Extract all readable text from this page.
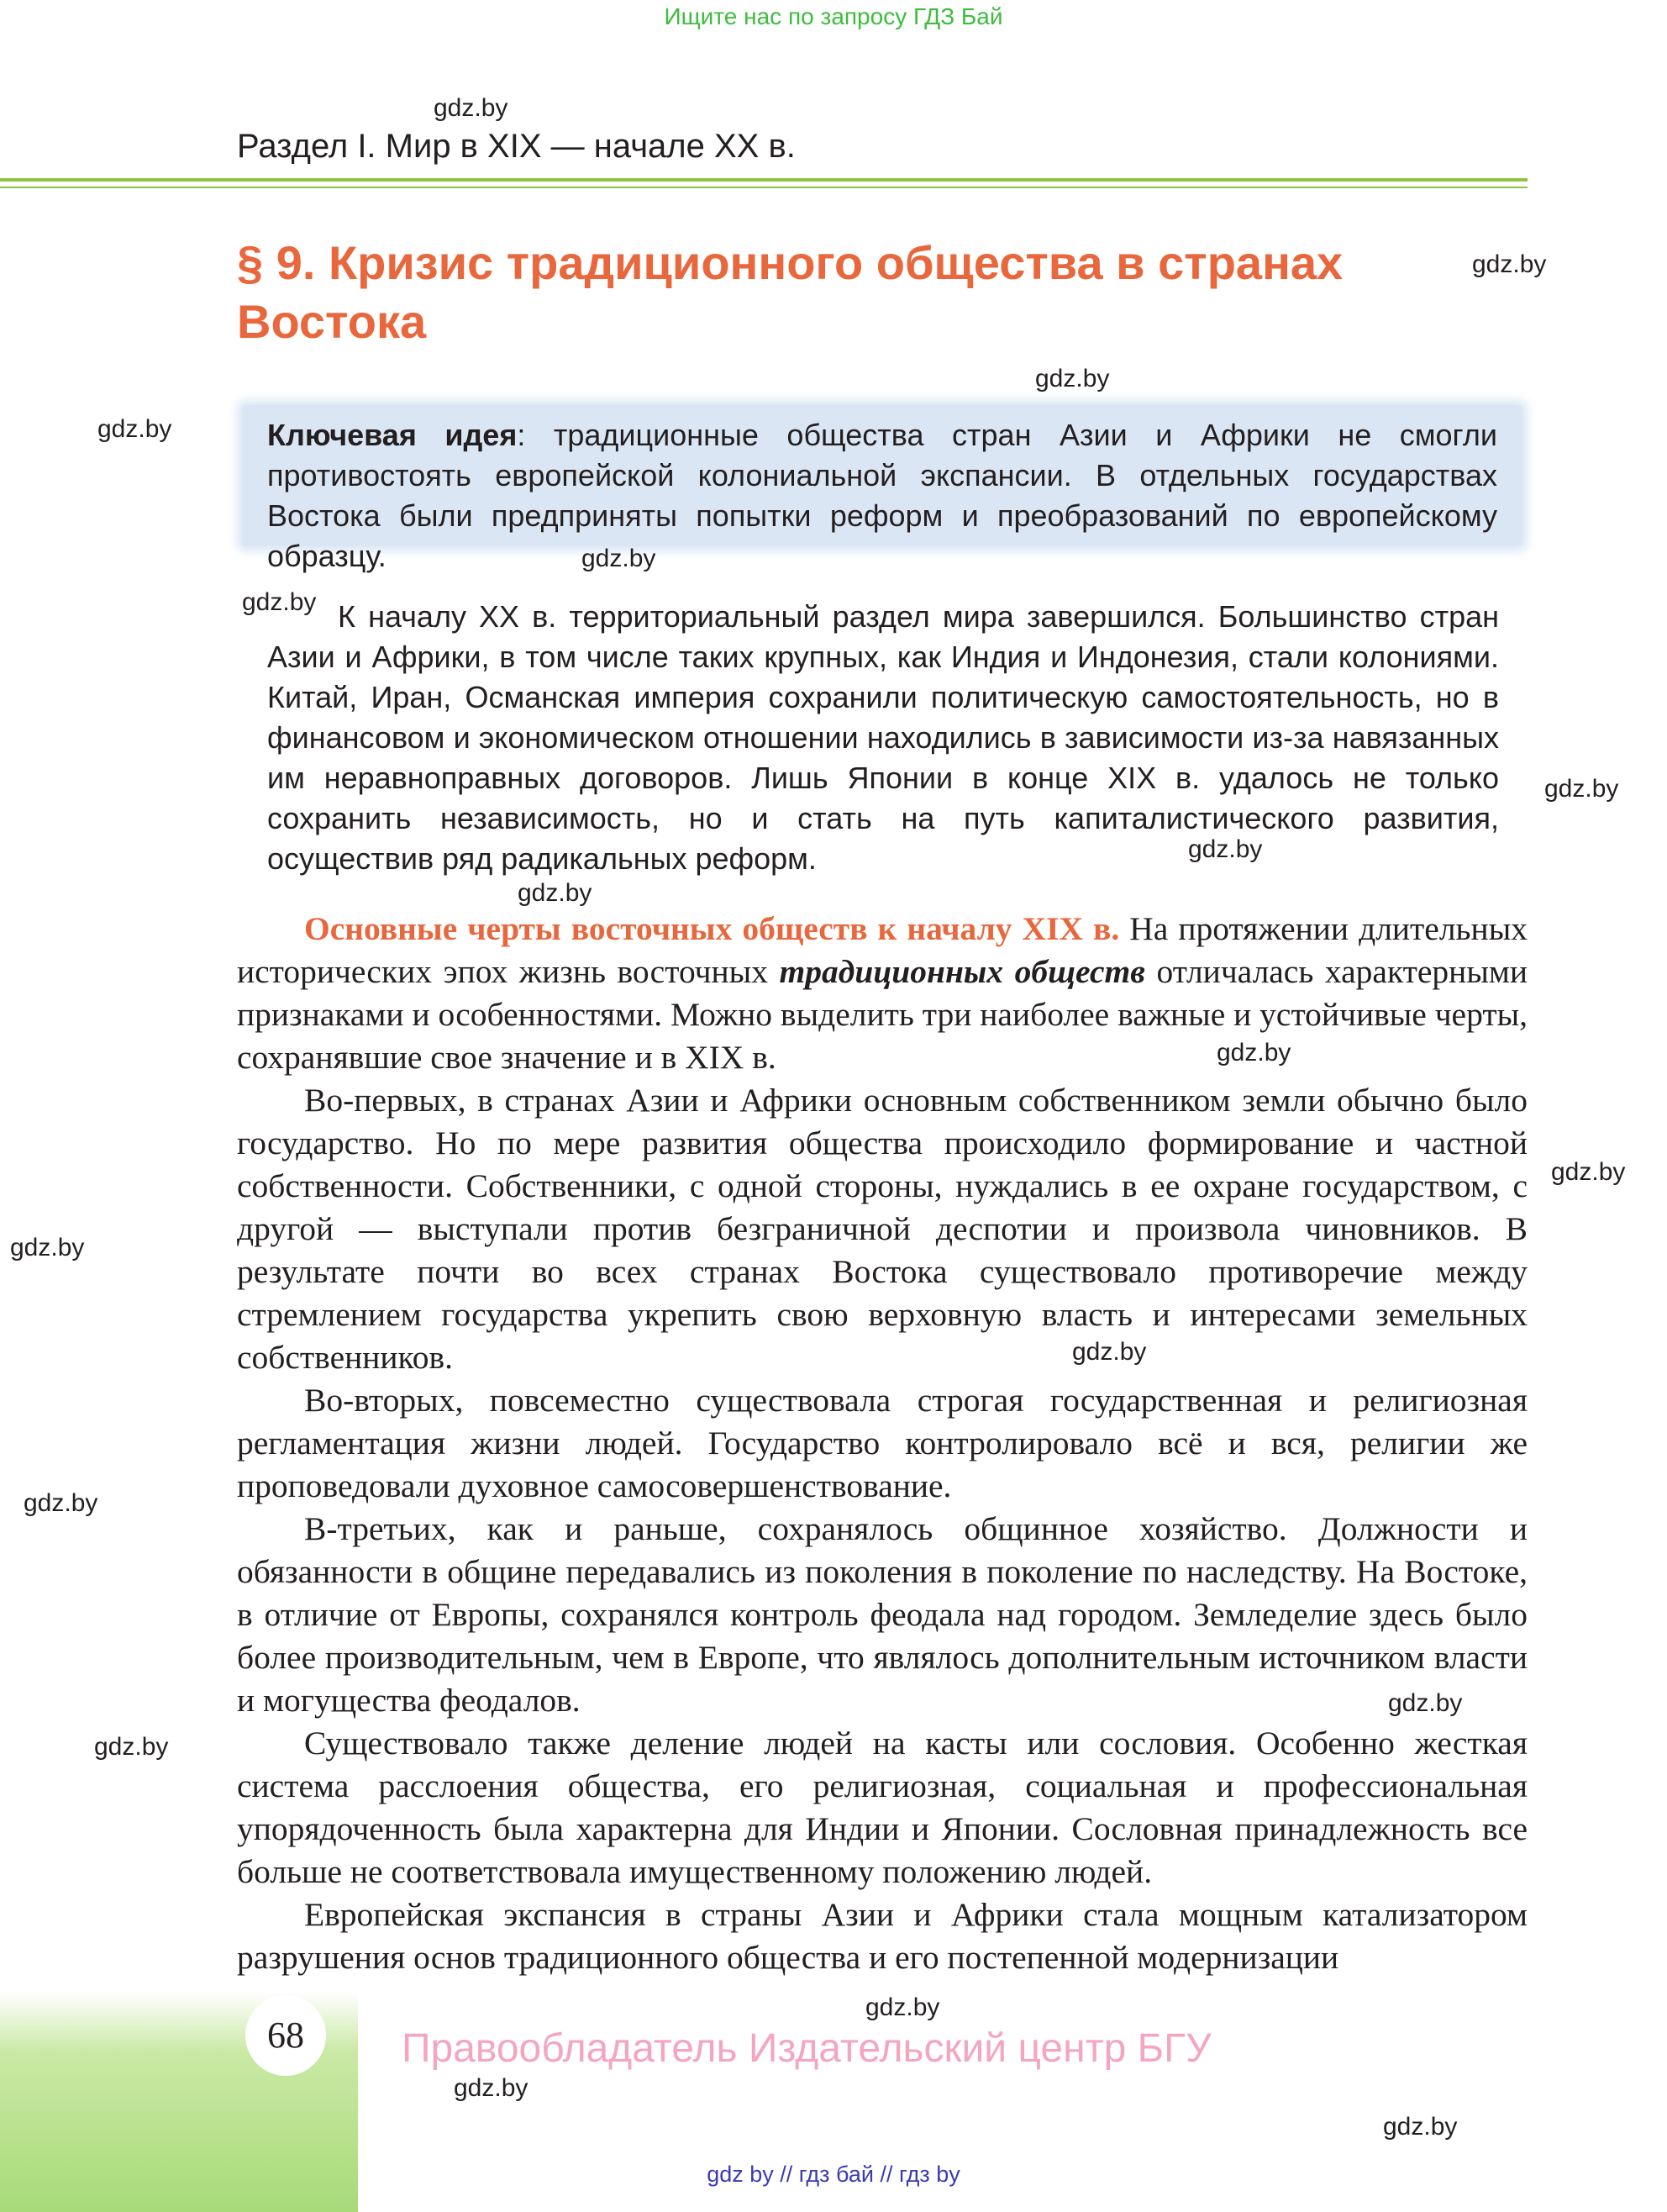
Ищите нас по запросу ГДЗ Бай
Раздел I. Мир в XIX — начале XX в.
§ 9. Кризис традиционного общества в странах Востока
Ключевая идея: традиционные общества стран Азии и Африки не смогли противостоять европейской колониальной экспансии. В отдельных государствах Востока были предприняты попытки реформ и преобразований по европейскому образцу.
К началу XX в. территориальный раздел мира завершился. Большинство стран Азии и Африки, в том числе таких крупных, как Индия и Индонезия, стали колониями. Китай, Иран, Османская империя сохранили политическую самостоятельность, но в финансовом и экономическом отношении находились в зависимости из-за навязанных им неравноправных договоров. Лишь Японии в конце XIX в. удалось не только сохранить независимость, но и стать на путь капиталистического развития, осуществив ряд радикальных реформ.

Основные черты восточных обществ к началу XIX в. На протяжении длительных исторических эпох жизнь восточных традиционных обществ отличалась характерными признаками и особенностями. Можно выделить три наиболее важные и устойчивые черты, сохранявшие свое значение и в XIX в.

Во-первых, в странах Азии и Африки основным собственником земли обычно было государство. Но по мере развития общества происходило формирование и частной собственности. Собственники, с одной стороны, нуждались в ее охране государством, с другой — выступали против безграничной деспотии и произвола чиновников. В результате почти во всех странах Востока существовало противоречие между стремлением государства укрепить свою верховную власть и интересами земельных собственников.

Во-вторых, повсеместно существовала строгая государственная и религиозная регламентация жизни людей. Государство контролировало всё и вся, религии же проповедовали духовное самосовершенствование.

В-третьих, как и раньше, сохранялось общинное хозяйство. Должности и обязанности в общине передавались из поколения в поколение по наследству. На Востоке, в отличие от Европы, сохранялся контроль феодала над городом. Земледелие здесь было более производительным, чем в Европе, что являлось дополнительным источником власти и могущества феодалов.

Существовало также деление людей на касты или сословия. Особенно жесткая система расслоения общества, его религиозная, социальная и профессиональная упорядоченность была характерна для Индии и Японии. Сословная принадлежность все больше не соответствовала имущественному положению людей.

Европейская экспансия в страны Азии и Африки стала мощным катализатором разрушения основ традиционного общества и его постепенной модернизации

68	Правообладатель Издательский центр БГУ
gdz by // гдз бай // гдз by
gdz.by
gdz.by
gdz.by
gdz.by
gdz.by
gdz.by
gdz.by
gdz.by
gdz.by
gdz.by
gdz.by
gdz.by
gdz.by
gdz.by
gdz.by
gdz.by
gdz.by
gdz.by
gdz.by
